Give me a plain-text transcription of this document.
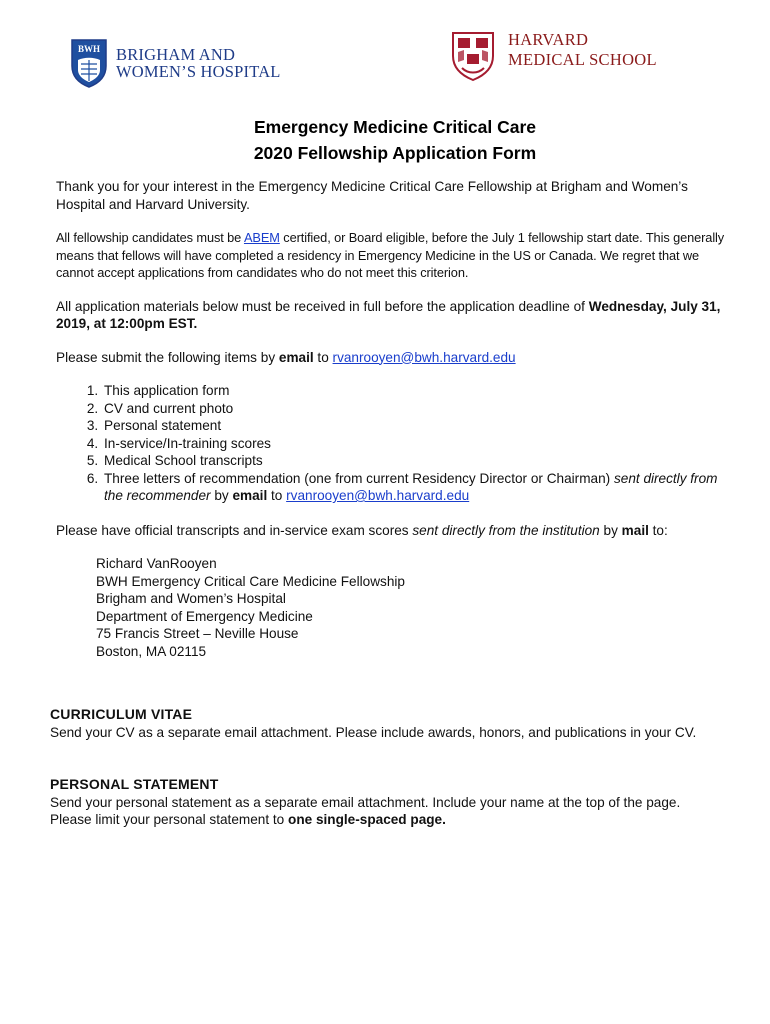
BWH BRIGHAM AND
WOMEN’S HOSPITAL
HARVARD
MEDICAL SCHOOL
Emergency Medicine Critical Care
2020 Fellowship Application Form

Thank you for your interest in the Emergency Medicine Critical Care Fellowship at Brigham and Women’s Hospital and Harvard University.

All fellowship candidates must be ABEM certified, or Board eligible, before the July 1 fellowship start date. This generally means that fellows will have completed a residency in Emergency Medicine in the US or Canada. We regret that we cannot accept applications from candidates who do not meet this criterion.

All application materials below must be received in full before the application deadline of Wednesday, July 31, 2019, at 12:00pm EST.

Please submit the following items by email to rvanrooyen@bwh.harvard.edu

1. This application form
2. CV and current photo
3. Personal statement
4. In-service/In-training scores
5. Medical School transcripts
6. Three letters of recommendation (one from current Residency Director or Chairman) sent directly from the recommender by email to rvanrooyen@bwh.harvard.edu

Please have official transcripts and in-service exam scores sent directly from the institution by mail to:

Richard VanRooyen
BWH Emergency Critical Care Medicine Fellowship
Brigham and Women’s Hospital
Department of Emergency Medicine
75 Francis Street – Neville House
Boston, MA 02115
CURRICULUM VITAE
Send your CV as a separate email attachment. Please include awards, honors, and publications in your CV.
PERSONAL STATEMENT
Send your personal statement as a separate email attachment. Include your name at the top of the page.
Please limit your personal statement to one single-spaced page.
